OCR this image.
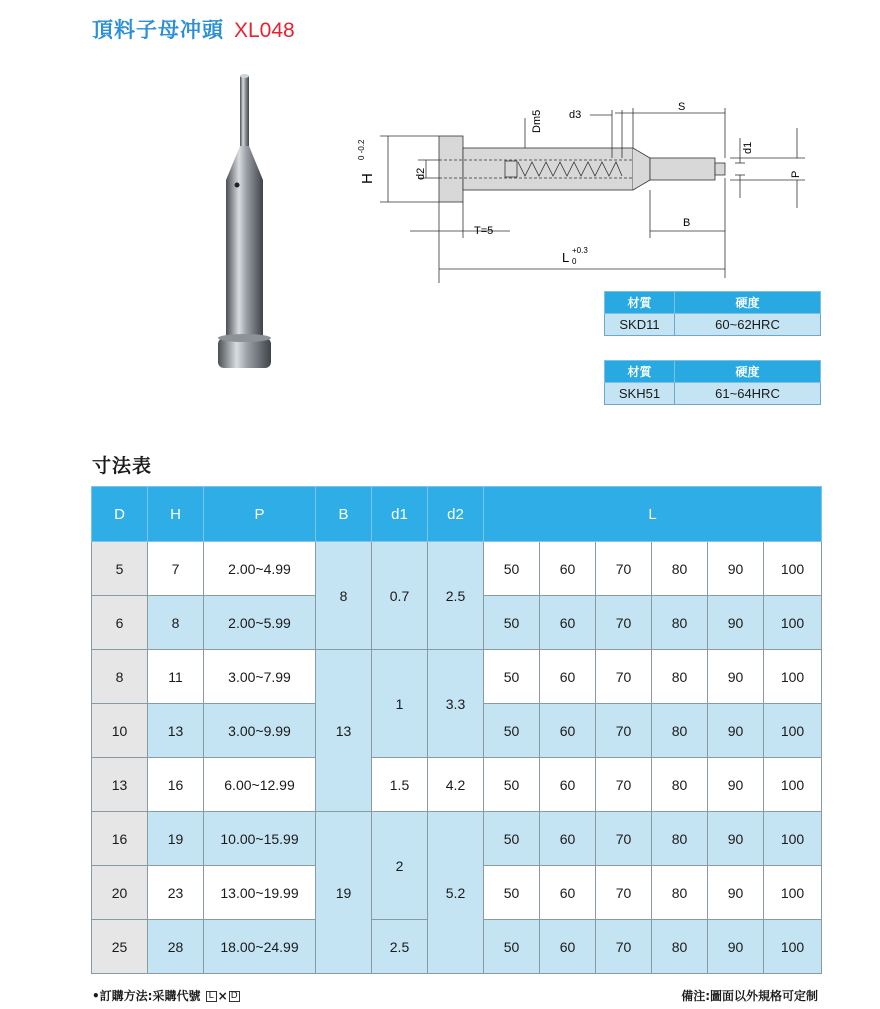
頂料子母冲頭 XL048
H
0 -0.2
d2
T=5
B
L +0.3
0
Dm5 d3
S
d1
P
材質	硬度
SKD11	60~62HRC
材質	硬度
SKH51	61~64HRC
寸法表
D	H	P	B	d1	d2	L					
5	7	2.00~4.99	8	0.7	2.5	50	60	70	80	90	100
6	8	2.00~5.99				50	60	70	80	90	100
8	11	3.00~7.99	13	1	3.3	50	60	70	80	90	100
10	13	3.00~9.99				50	60	70	80	90	100
13	16	6.00~12.99		1.5	4.2	50	60	70	80	90	100
16	19	10.00~15.99	19	2	5.2	50	60	70	80	90	100
20	23	13.00~19.99				50	60	70	80	90	100
25	28	18.00~24.99		2.5		50	60	70	80	90	100
•訂購方法:采購代號 L × D	備注:圖面以外規格可定制
